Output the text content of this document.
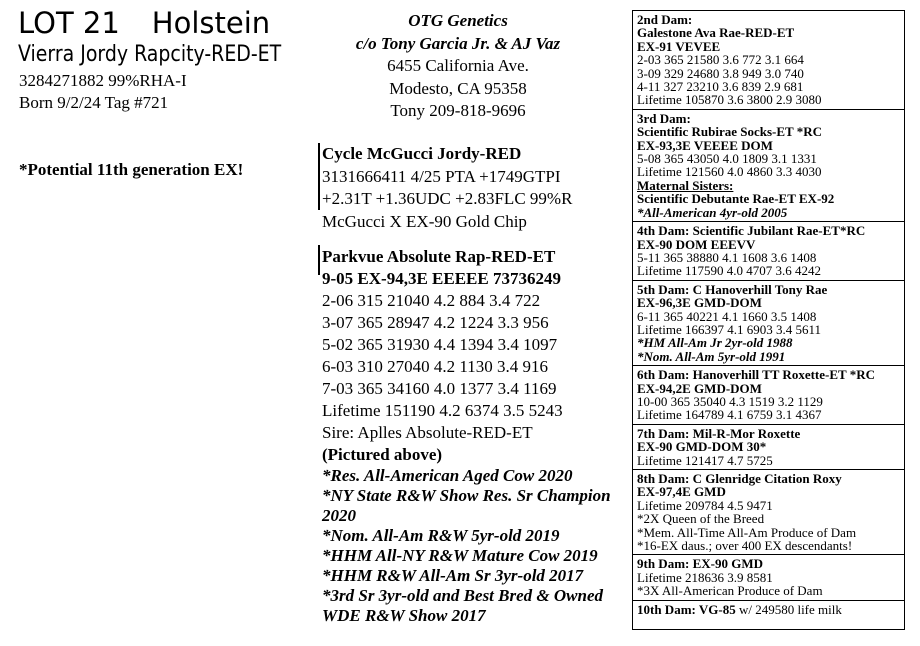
LOT 21 Holstein
Vierra Jordy Rapcity-RED-ET
3284271882 99%RHA-I
Born 9/2/24 Tag #721
*Potential 11th generation EX!
OTG Genetics
c/o Tony Garcia Jr. & AJ Vaz
6455 California Ave.
Modesto, CA 95358
Tony 209-818-9696
Cycle McGucci Jordy-RED
3131666411 4/25 PTA +1749GTPI
+2.31T +1.36UDC +2.83FLC 99%R
McGucci X EX-90 Gold Chip
Parkvue Absolute Rap-RED-ET
9-05 EX-94,3E EEEEE 73736249
2-06 315 21040 4.2 884 3.4 722
3-07 365 28947 4.2 1224 3.3 956
5-02 365 31930 4.4 1394 3.4 1097
6-03 310 27040 4.2 1130 3.4 916
7-03 365 34160 4.0 1377 3.4 1169
Lifetime 151190 4.2 6374 3.5 5243
Sire: Aplles Absolute-RED-ET
(Pictured above)
*Res. All-American Aged Cow 2020
*NY State R&W Show Res. Sr Champion 2020
*Nom. All-Am R&W 5yr-old 2019
*HHM All-NY R&W Mature Cow 2019
*HHM R&W All-Am Sr 3yr-old 2017
*3rd Sr 3yr-old and Best Bred & Owned WDE R&W Show 2017
2nd Dam:
Galestone Ava Rae-RED-ET
EX-91 VEVEE
2-03 365 21580 3.6 772 3.1 664
3-09 329 24680 3.8 949 3.0 740
4-11 327 23210 3.6 839 2.9 681
Lifetime 105870 3.6 3800 2.9 3080
3rd Dam:
Scientific Rubirae Socks-ET *RC
EX-93,3E VEEEE DOM
5-08 365 43050 4.0 1809 3.1 1331
Lifetime 121560 4.0 4860 3.3 4030
Maternal Sisters:
Scientific Debutante Rae-ET EX-92
*All-American 4yr-old 2005
4th Dam: Scientific Jubilant Rae-ET*RC
EX-90 DOM EEEVV
5-11 365 38880 4.1 1608 3.6 1408
Lifetime 117590 4.0 4707 3.6 4242
5th Dam: C Hanoverhill Tony Rae
EX-96,3E GMD-DOM
6-11 365 40221 4.1 1660 3.5 1408
Lifetime 166397 4.1 6903 3.4 5611
*HM All-Am Jr 2yr-old 1988
*Nom. All-Am 5yr-old 1991
6th Dam: Hanoverhill TT Roxette-ET *RC
EX-94,2E GMD-DOM
10-00 365 35040 4.3 1519 3.2 1129
Lifetime 164789 4.1 6759 3.1 4367
7th Dam: Mil-R-Mor Roxette
EX-90 GMD-DOM 30*
Lifetime 121417 4.7 5725
8th Dam: C Glenridge Citation Roxy
EX-97,4E GMD
Lifetime 209784 4.5 9471
*2X Queen of the Breed
*Mem. All-Time All-Am Produce of Dam
*16-EX daus.; over 400 EX descendants!
9th Dam: EX-90 GMD
Lifetime 218636 3.9 8581
*3X All-American Produce of Dam
10th Dam: VG-85 w/ 249580 life milk
